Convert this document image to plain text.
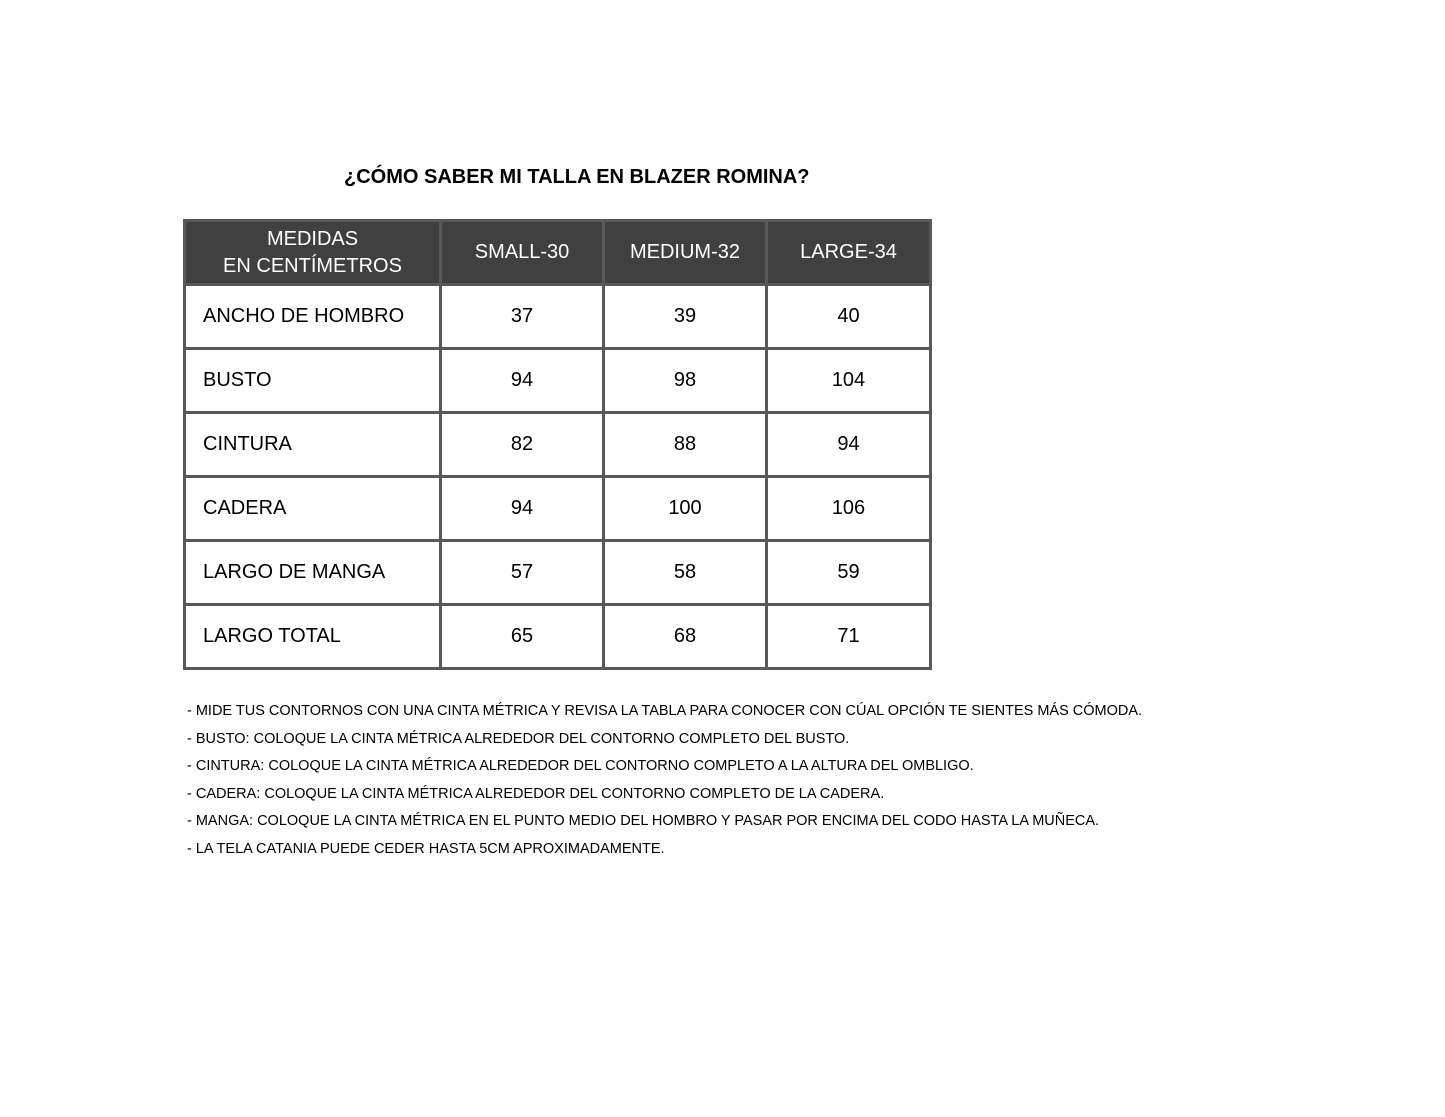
¿CÓMO SABER MI TALLA EN BLAZER ROMINA?
MEDIDAS
EN CENTÍMETROS	SMALL-30	MEDIUM-32	LARGE-34
ANCHO DE HOMBRO	37	39	40
BUSTO	94	98	104
CINTURA	82	88	94
CADERA	94	100	106
LARGO DE MANGA	57	58	59
LARGO TOTAL	65	68	71
- MIDE TUS CONTORNOS CON UNA CINTA MÉTRICA Y REVISA LA TABLA PARA CONOCER CON CÚAL OPCIÓN TE SIENTES MÁS CÓMODA.
- BUSTO: COLOQUE LA CINTA MÉTRICA ALREDEDOR DEL CONTORNO COMPLETO DEL BUSTO.
- CINTURA: COLOQUE LA CINTA MÉTRICA ALREDEDOR DEL CONTORNO COMPLETO A LA ALTURA DEL OMBLIGO.
- CADERA: COLOQUE LA CINTA MÉTRICA ALREDEDOR DEL CONTORNO COMPLETO DE LA CADERA.
- MANGA: COLOQUE LA CINTA MÉTRICA EN EL PUNTO MEDIO DEL HOMBRO Y PASAR POR ENCIMA DEL CODO HASTA LA MUÑECA.
- LA TELA CATANIA PUEDE CEDER HASTA 5CM APROXIMADAMENTE.
